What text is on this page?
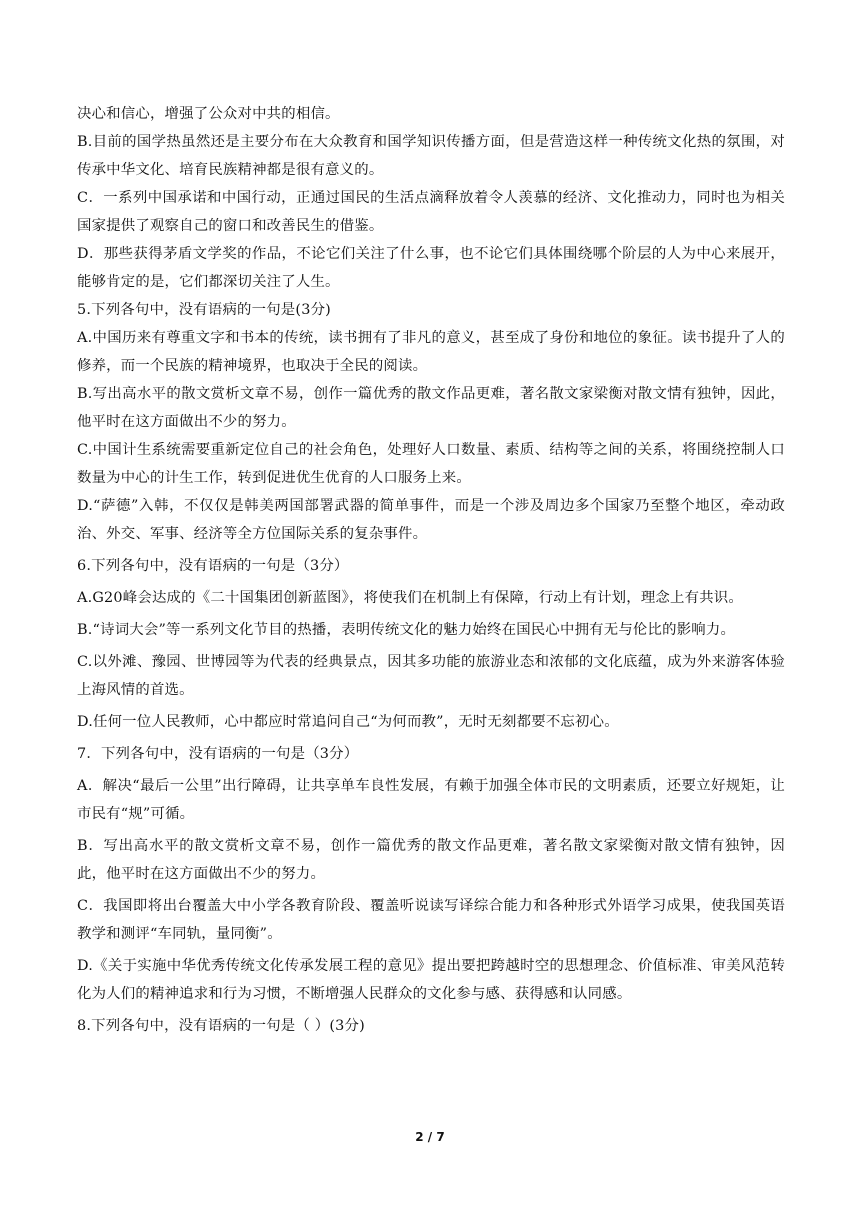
决心和信心，增强了公众对中共的相信。

B.目前的国学热虽然还是主要分布在大众教育和国学知识传播方面，但是营造这样一种传统文化热的氛围，对传承中华文化、培育民族精神都是很有意义的。

C．一系列中国承诺和中国行动，正通过国民的生活点滴释放着令人羡慕的经济、文化推动力，同时也为相关国家提供了观察自己的窗口和改善民生的借鉴。

D．那些获得茅盾文学奖的作品，不论它们关注了什么事，也不论它们具体围绕哪个阶层的人为中心来展开，能够肯定的是，它们都深切关注了人生。

5.下列各句中，没有语病的一句是(3分)

A.中国历来有尊重文字和书本的传统，读书拥有了非凡的意义，甚至成了身份和地位的象征。读书提升了人的修养，而一个民族的精神境界，也取决于全民的阅读。

B.写出高水平的散文赏析文章不易，创作一篇优秀的散文作品更难，著名散文家梁衡对散文情有独钟，因此，他平时在这方面做出不少的努力。

C.中国计生系统需要重新定位自己的社会角色，处理好人口数量、素质、结构等之间的关系，将围绕控制人口数量为中心的计生工作，转到促进优生优育的人口服务上来。

D.“萨德”入韩，不仅仅是韩美两国部署武器的简单事件，而是一个涉及周边多个国家乃至整个地区，牵动政治、外交、军事、经济等全方位国际关系的复杂事件。

6.下列各句中，没有语病的一句是（3分）

A.G20峰会达成的《二十国集团创新蓝图》，将使我们在机制上有保障，行动上有计划，理念上有共识。

B.“诗词大会”等一系列文化节目的热播，表明传统文化的魅力始终在国民心中拥有无与伦比的影响力。

C.以外滩、豫园、世博园等为代表的经典景点，因其多功能的旅游业态和浓郁的文化底蕴，成为外来游客体验上海风情的首选。

D.任何一位人民教师，心中都应时常追问自己“为何而教”，无时无刻都要不忘初心。

7．下列各句中，没有语病的一句是（3分）

A．解决“最后一公里”出行障碍，让共享单车良性发展，有赖于加强全体市民的文明素质，还要立好规矩，让市民有“规”可循。

B．写出高水平的散文赏析文章不易，创作一篇优秀的散文作品更难，著名散文家梁衡对散文情有独钟，因此，他平时在这方面做出不少的努力。

C．我国即将出台覆盖大中小学各教育阶段、覆盖听说读写译综合能力和各种形式外语学习成果，使我国英语教学和测评“车同轨，量同衡”。

D.《关于实施中华优秀传统文化传承发展工程的意见》提出要把跨越时空的思想理念、价值标准、审美风范转化为人们的精神追求和行为习惯，不断增强人民群众的文化参与感、获得感和认同感。

8.下列各句中，没有语病的一句是（ ）(3分)

2 / 7
